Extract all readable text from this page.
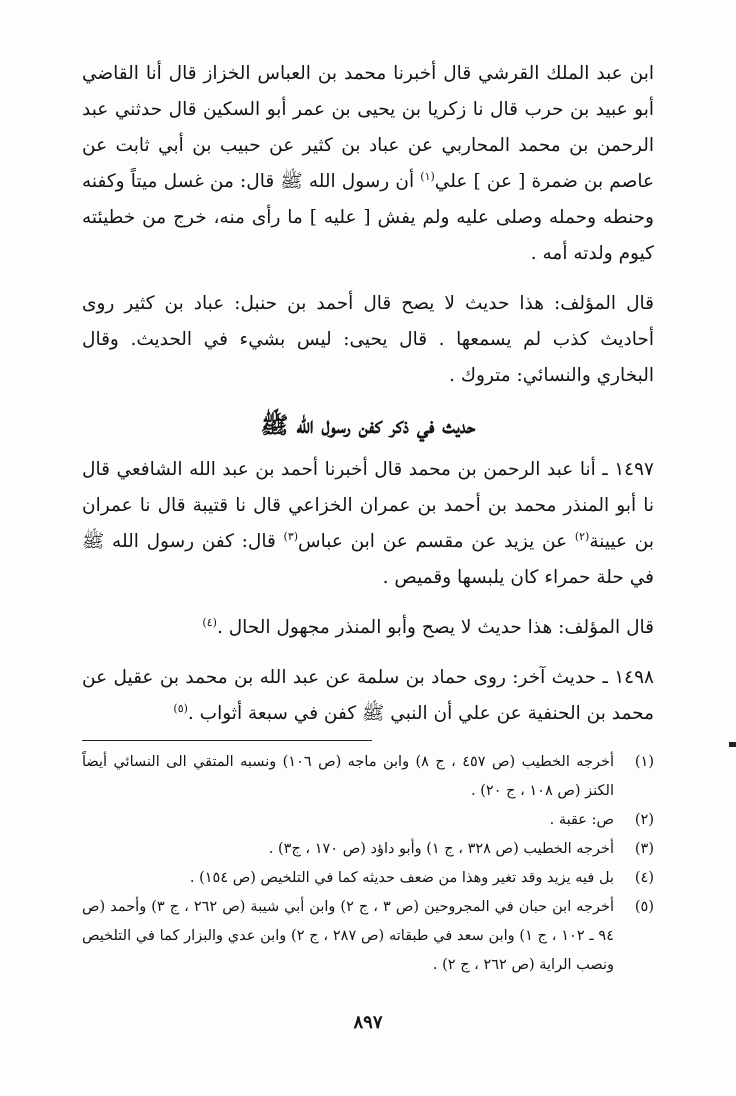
ابن عبد الملك القرشي قال أخبرنا محمد بن العباس الخزاز قال أنا القاضي أبو عبيد بن حرب قال نا زكريا بن يحيى بن عمر أبو السكين قال حدثني عبد الرحمن بن محمد المحاربي عن عباد بن كثير عن حبيب بن أبي ثابت عن عاصم بن ضمرة [ عن ] علي$^{(١)}$ أن رسول الله ﷺ قال: من غسل ميتاً وكفنه وحنطه وحمله وصلى عليه ولم يفش [ عليه ] ما رأى منه، خرج من خطيئته كيوم ولدته أمه .

قال المؤلف: هذا حديث لا يصح قال أحمد بن حنبل: عباد بن كثير روى أحاديث كذب لم يسمعها . قال يحيى: ليس بشيء في الحديث. وقال البخاري والنسائي: متروك .

حديث في ذكر كفن رسول الله ﷺ

١٤٩٧ ـ أنا عبد الرحمن بن محمد قال أخبرنا أحمد بن عبد الله الشافعي قال نا أبو المنذر محمد بن أحمد بن عمران الخزاعي قال نا قتيبة قال نا عمران بن عيينة$^{(٢)}$ عن يزيد عن مقسم عن ابن عباس$^{(٣)}$ قال: كفن رسول الله ﷺ في حلة حمراء كان يلبسها وقميص .

قال المؤلف: هذا حديث لا يصح وأبو المنذر مجهول الحال .$^{(٤)}$

١٤٩٨ ـ حديث آخر: روى حماد بن سلمة عن عبد الله بن محمد بن عقيل عن محمد بن الحنفية عن علي أن النبي ﷺ كفن في سبعة أثواب .$^{(٥)}$

(١)
أخرجه الخطيب (ص ٤٥٧ ، ج ٨) وابن ماجه (ص ١٠٦) ونسبه المتقي الى النسائي أيضاً الكنز (ص ١٠٨ ، ج ٢٠) .
(٢)
ص: عقبة .
(٣)
أخرجه الخطيب (ص ٣٢٨ ، ج ١) وأبو داؤد (ص ١٧٠ ، ج٣) .
(٤)
بل فيه يزيد وقد تغير وهذا من ضعف حديثه كما في التلخيص (ص ١٥٤) .
(٥)
أخرجه ابن حبان في المجروحين (ص ٣ ، ج ٢) وابن أبي شيبة (ص ٢٦٢ ، ج ٣) وأحمد (ص ٩٤ ـ ١٠٢ ، ج ١) وابن سعد في طبقاته (ص ٢٨٧ ، ج ٢) وابن عدي والبزار كما في التلخيص ونصب الراية (ص ٢٦٢ ، ج ٢) .
٨٩٧
